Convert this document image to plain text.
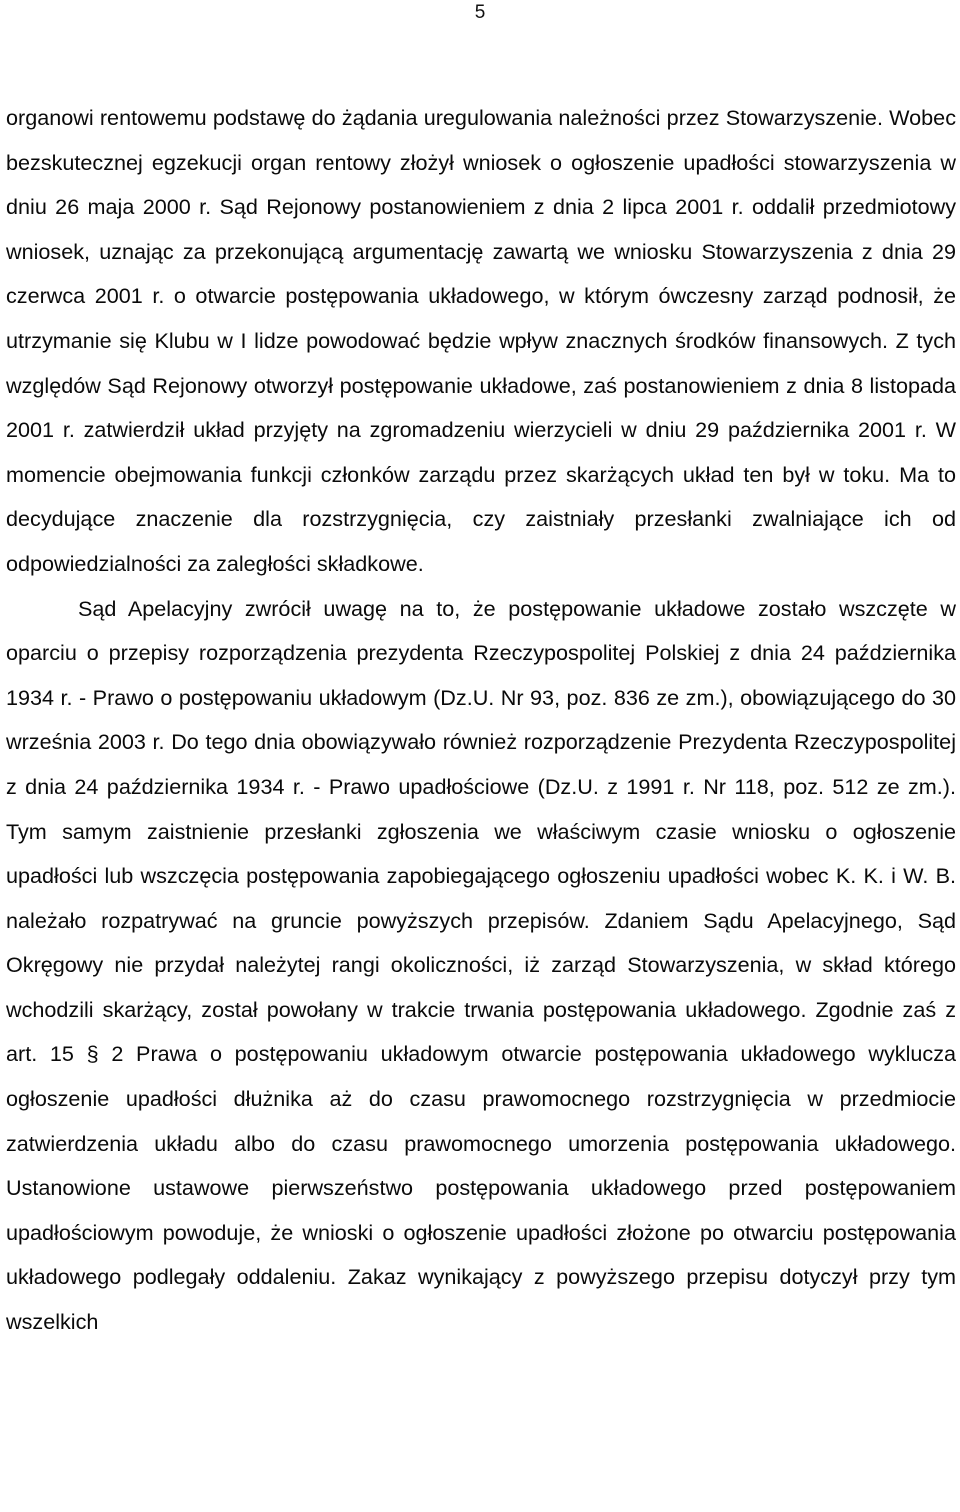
5

organowi rentowemu podstawę do żądania uregulowania należności przez Stowarzyszenie. Wobec bezskutecznej egzekucji organ rentowy złożył wniosek o ogłoszenie upadłości stowarzyszenia w dniu 26 maja 2000 r. Sąd Rejonowy postanowieniem z dnia 2 lipca 2001 r. oddalił przedmiotowy wniosek, uznając za przekonującą argumentację zawartą we wniosku Stowarzyszenia z dnia 29 czerwca 2001 r. o otwarcie postępowania układowego, w którym ówczesny zarząd podnosił, że utrzymanie się Klubu w I lidze powodować będzie wpływ znacznych środków finansowych. Z tych względów Sąd Rejonowy otworzył postępowanie układowe, zaś postanowieniem z dnia 8 listopada 2001 r. zatwierdził układ przyjęty na zgromadzeniu wierzycieli w dniu 29 października 2001 r. W momencie obejmowania funkcji członków zarządu przez skarżących układ ten był w toku. Ma to decydujące znaczenie dla rozstrzygnięcia, czy zaistniały przesłanki zwalniające ich od odpowiedzialności za zaległości składkowe.

Sąd Apelacyjny zwrócił uwagę na to, że postępowanie układowe zostało wszczęte w oparciu o przepisy rozporządzenia prezydenta Rzeczypospolitej Polskiej z dnia 24 października 1934 r. - Prawo o postępowaniu układowym (Dz.U. Nr 93, poz. 836 ze zm.), obowiązującego do 30 września 2003 r. Do tego dnia obowiązywało również rozporządzenie Prezydenta Rzeczypospolitej z dnia 24 października 1934 r. - Prawo upadłościowe (Dz.U. z 1991 r. Nr 118, poz. 512 ze zm.). Tym samym zaistnienie przesłanki zgłoszenia we właściwym czasie wniosku o ogłoszenie upadłości lub wszczęcia postępowania zapobiegającego ogłoszeniu upadłości wobec K. K. i W. B. należało rozpatrywać na gruncie powyższych przepisów. Zdaniem Sądu Apelacyjnego, Sąd Okręgowy nie przydał należytej rangi okoliczności, iż zarząd Stowarzyszenia, w skład którego wchodzili skarżący, został powołany w trakcie trwania postępowania układowego. Zgodnie zaś z art. 15 § 2 Prawa o postępowaniu układowym otwarcie postępowania układowego wyklucza ogłoszenie upadłości dłużnika aż do czasu prawomocnego rozstrzygnięcia w przedmiocie zatwierdzenia układu albo do czasu prawomocnego umorzenia postępowania układowego. Ustanowione ustawowe pierwszeństwo postępowania układowego przed postępowaniem upadłościowym powoduje, że wnioski o ogłoszenie upadłości złożone po otwarciu postępowania układowego podlegały oddaleniu. Zakaz wynikający z powyższego przepisu dotyczył przy tym wszelkich
